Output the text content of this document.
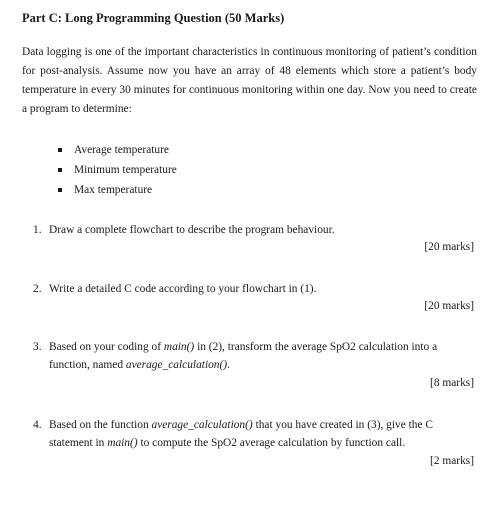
Part C: Long Programming Question (50 Marks)
Data logging is one of the important characteristics in continuous monitoring of patient’s condition for post-analysis. Assume now you have an array of 48 elements which store a patient’s body temperature in every 30 minutes for continuous monitoring within one day. Now you need to create a program to determine:
Average temperature
Minimum temperature
Max temperature
1. Draw a complete flowchart to describe the program behaviour.
[20 marks]
2. Write a detailed C code according to your flowchart in (1).
[20 marks]
3. Based on your coding of main() in (2), transform the average SpO2 calculation into a function, named average_calculation().
[8 marks]
4. Based on the function average_calculation() that you have created in (3), give the C statement in main() to compute the SpO2 average calculation by function call.
[2 marks]
